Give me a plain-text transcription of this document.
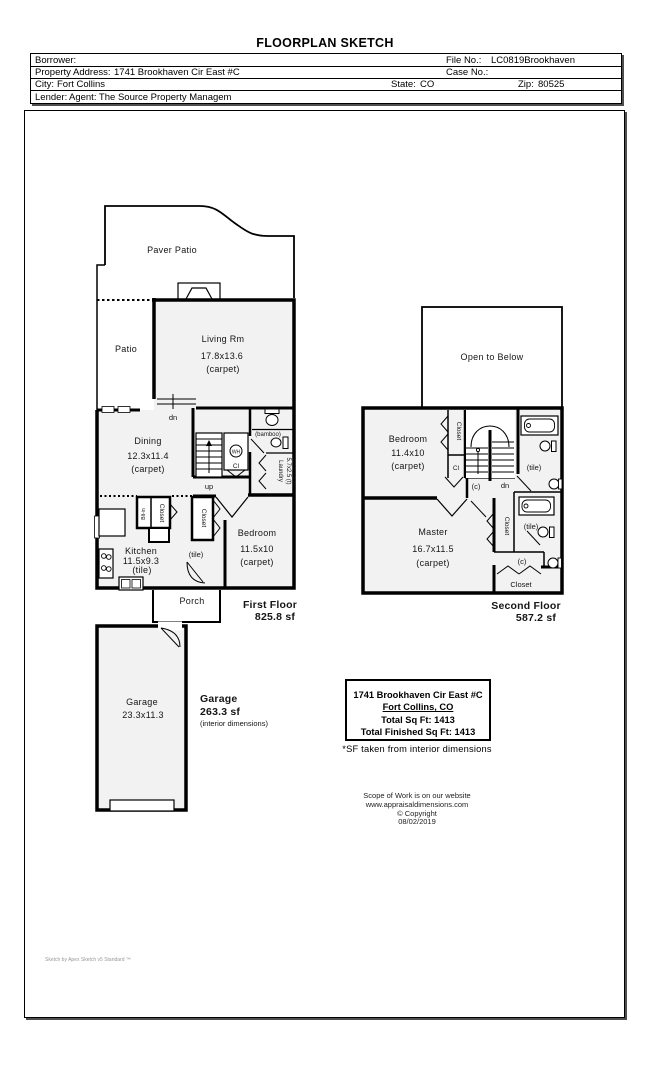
FLOORPLAN SKETCH
Borrower:	File No.: LC0819Brookhaven
Property Address: 1741 Brookhaven Cir East #C	Case No.:
City: Fort Collins	State: CO	Zip: 80525
Lender: Agent: The Source Property Managem
Paver Patio
Patio
Living Rm
17.8x13.6
(carpet)
dn
Dining
12.3x11.4
(carpet)
up
WH
Cl
(bamboo)
Laundry 5.7x2.5 (t)
Blt-in Closet	Closet
Kitchen
11.5x9.3
(tile)
(tile)
Bedroom
11.5x10
(carpet)
Porch	First Floor
825.8 sf
Garage
23.3x11.3
Garage
263.3 sf
(interior dimensions)
Open to Below
Bedroom
11.4x10
(carpet)
Closet
Cl
(c)	dn
(tile)
Master
16.7x11.5
(carpet)
Closet (tile)
(c)
Closet
Second Floor
587.2 sf
1741 Brookhaven Cir East #C
Fort Collins, CO
Total Sq Ft: 1413
Total Finished Sq Ft: 1413
*SF taken from interior dimensions
Scope of Work is on our website
www.appraisaldimensions.com
© Copyright
08/02/2019
Sketch by Apex Sketch v5 Standard ™
